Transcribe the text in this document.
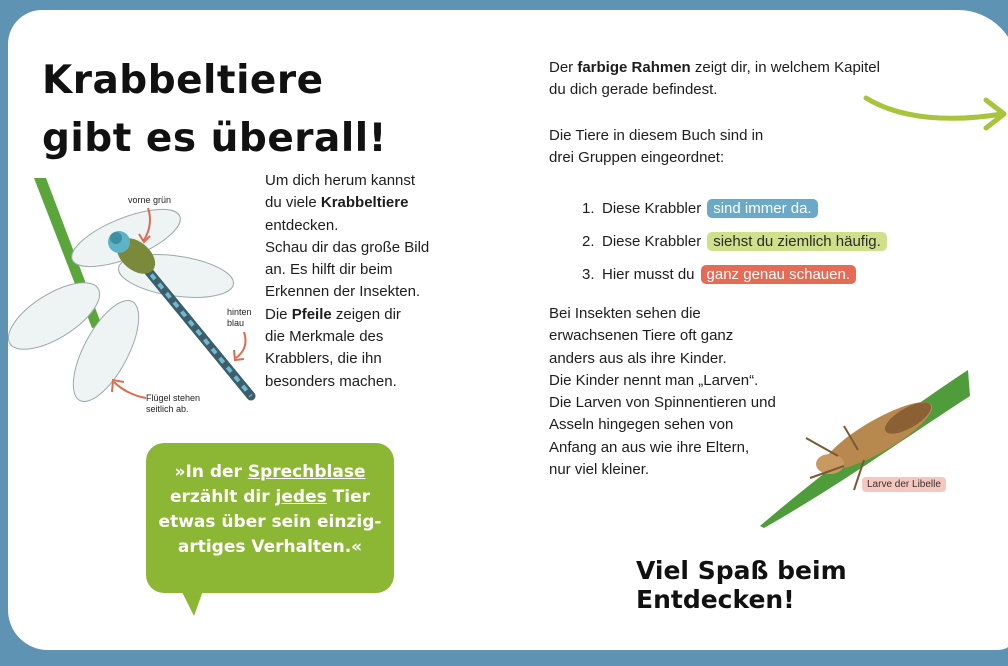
Krabbeltiere
gibt es überall!
vorne grün
hinten
blau
Flügel stehen
seitlich ab.
Um dich herum kannst
du viele Krabbeltiere
entdecken.
Schau dir das große Bild
an. Es hilft dir beim
Erkennen der Insekten.
Die Pfeile zeigen dir
die Merkmale des
Krabblers, die ihn
besonders machen.
Der farbige Rahmen zeigt dir, in welchem Kapitel
du dich gerade befindest.
Die Tiere in diesem Buch sind in
drei Gruppen eingeordnet:
1. Diese Krabbler sind immer da.
2. Diese Krabbler siehst du ziemlich häufig.
3. Hier musst du ganz genau schauen.
Bei Insekten sehen die
erwachsenen Tiere oft ganz
anders aus als ihre Kinder.
Die Kinder nennt man „Larven“.
Die Larven von Spinnentieren und
Asseln hingegen sehen von
Anfang an aus wie ihre Eltern,
nur viel kleiner.
Larve der Libelle
»In der Sprechblase
erzählt dir jedes Tier
etwas über sein einzig-
artiges Verhalten.«
Viel Spaß beim Entdecken!
